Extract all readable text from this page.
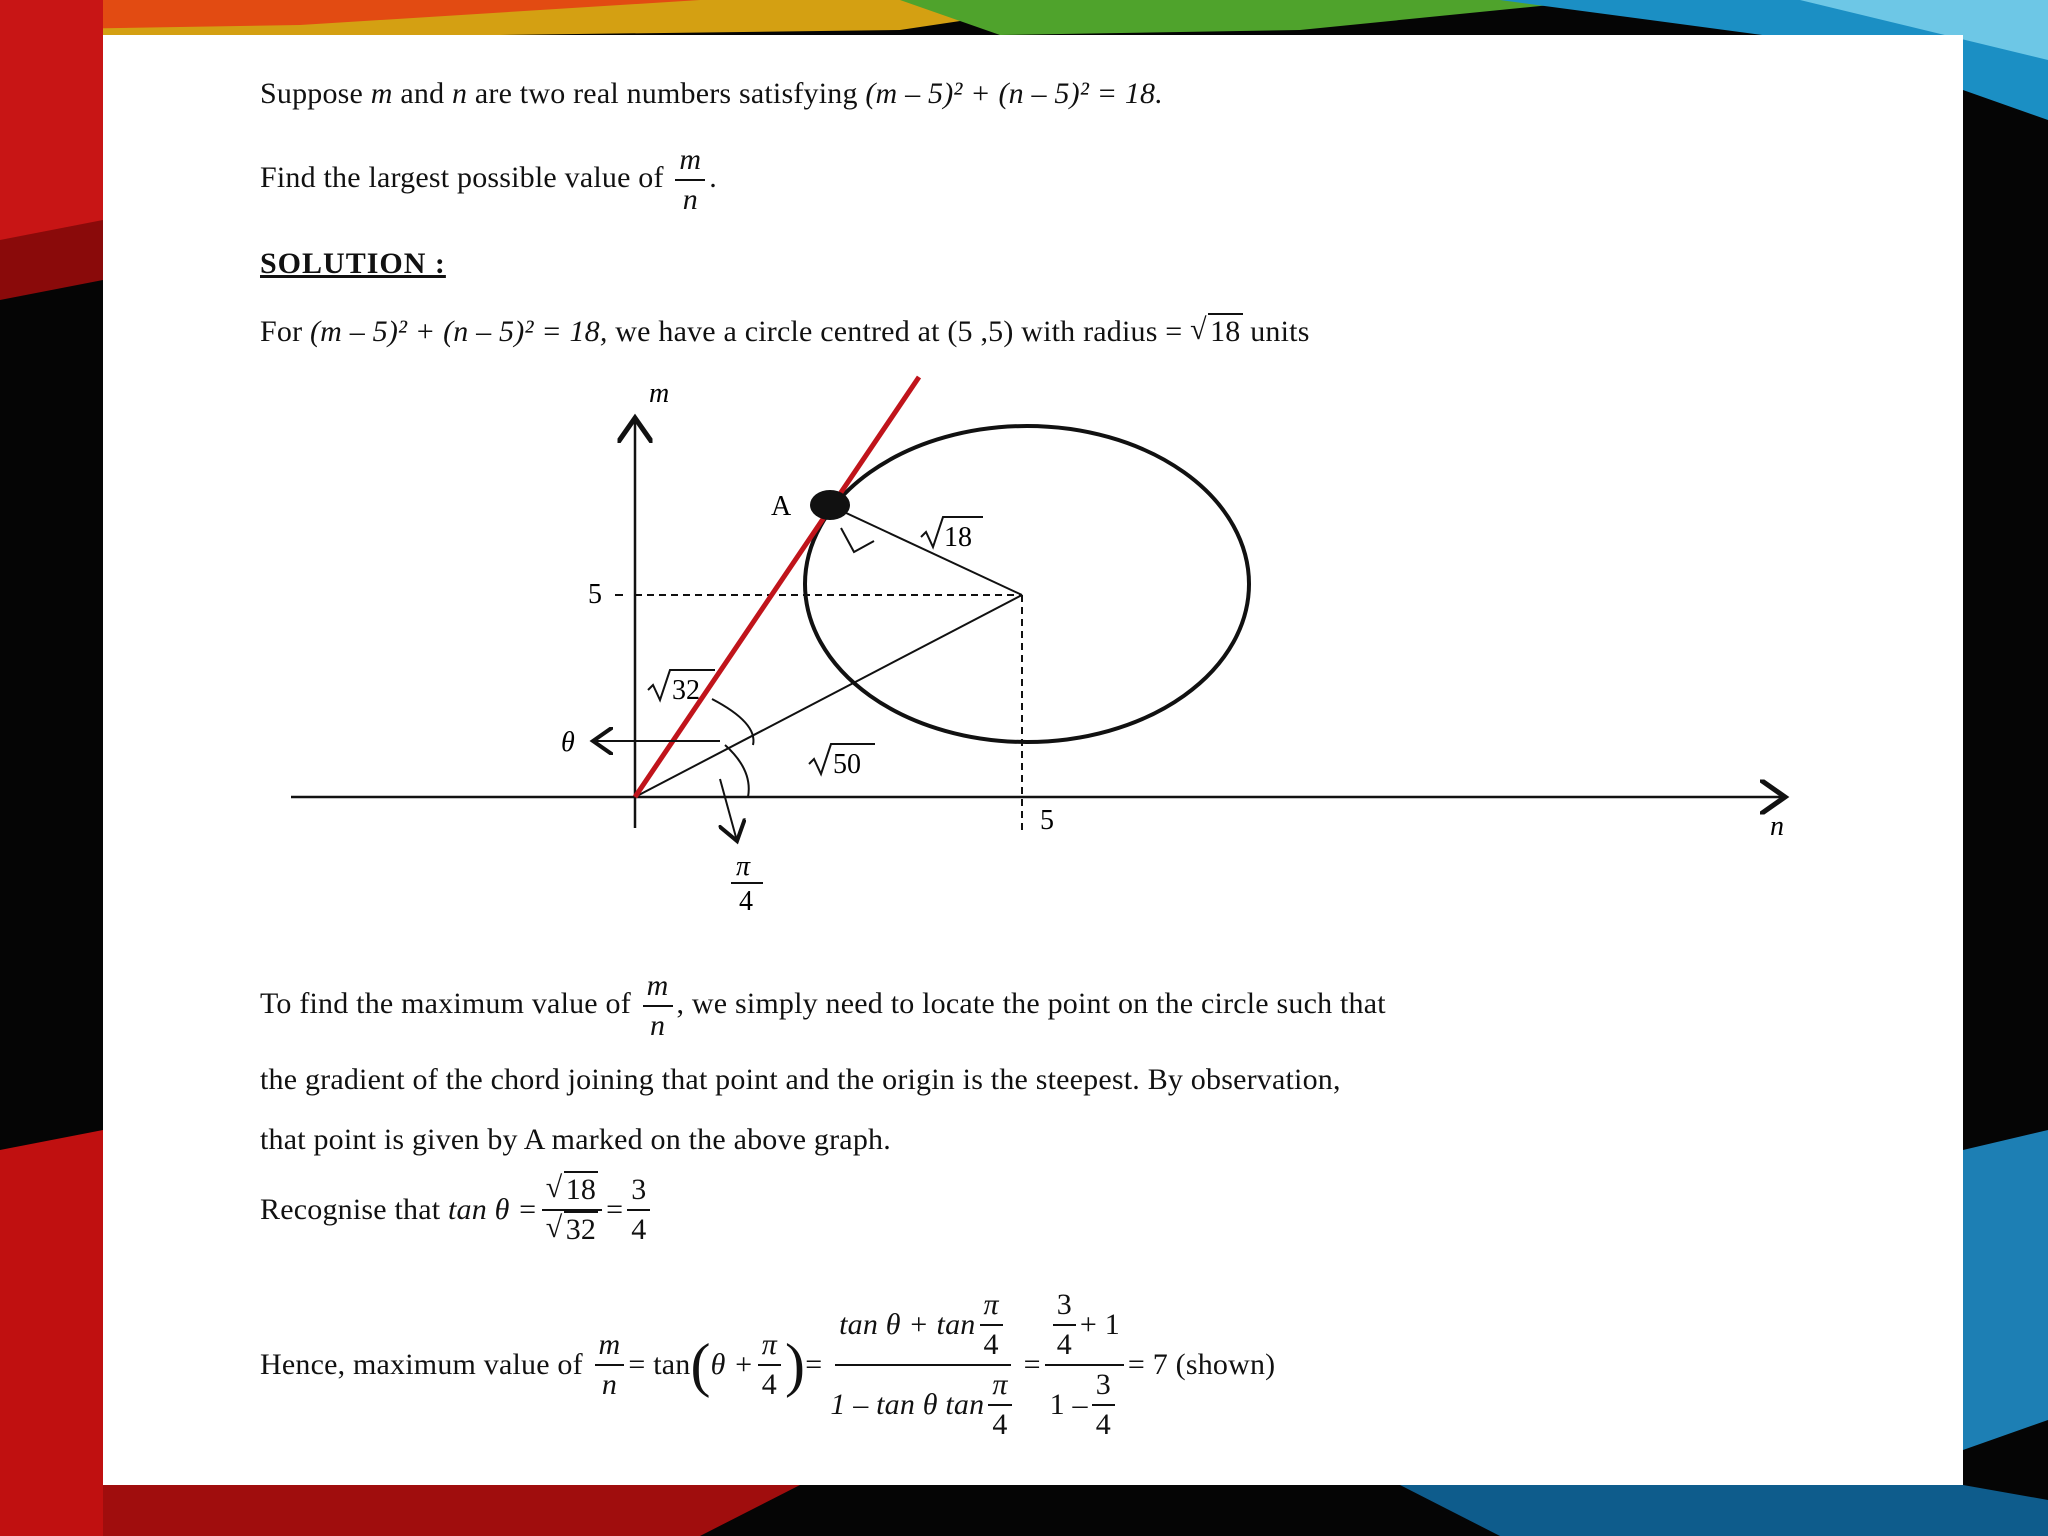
Suppose m and n are two real numbers satisfying (m – 5)² + (n – 5)² = 18.
Find the largest possible value of $\frac{m}{n}$ .
SOLUTION :
For (m – 5)² + (n – 5)² = 18, we have a circle centred at (5 ,5) with radius = √ 18 units
m
n
5
5
A
θ
π
4
18
32
50
To find the maximum value of $\frac{m}{n}$ , we simply need to locate the point on the circle such that
the gradient of the chord joining that point and the origin is the steepest. By observation,
that point is given by A marked on the above graph.
Recognise that
tan θ = √ 18
√ $32 = \frac{3}{4}$
Hence, maximum value of
$\frac{m}{n} = \tan$ ( $\theta + \frac{\pi}{4}$ ) = $\frac{\tan \theta + \tan \frac{\pi}{4}}{1 - \tan \theta \tan \frac{\pi}{4}} = \frac{\frac{3}{4} + 1}{1 - \frac{3}{4}} = 7$
(shown)
